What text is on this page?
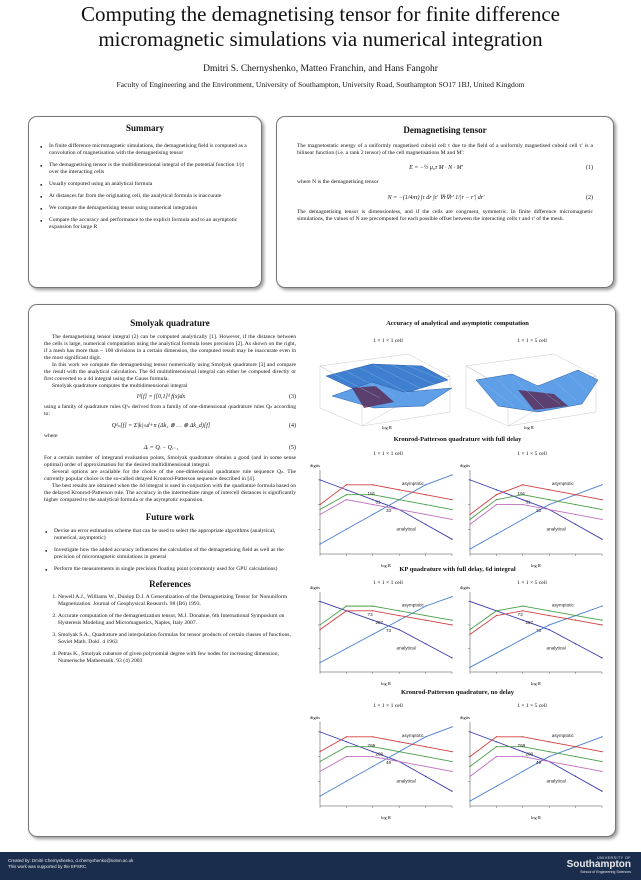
Computing the demagnetising tensor for finite difference
micromagnetic simulations via numerical integration
Dmitri S. Chernyshenko, Matteo Franchin, and Hans Fangohr
Faculty of Engineering and the Environment, University of Southampton, University Road, Southampton SO17 1BJ, United Kingdom
Summary
● In finite difference micromagnetic simulations, the demagnetising field is computed as a convolution of magnetisation with the demagnetising tensor
● The demagnetising tensor is the multidimensional integral of the potential function 1/|r| over the interacting cells
● Usually computed using an analytical formula
● At distances far from the originating cell, the analytical formula is inaccurate
● We compute the demagnetising tensor using numerical integration
● Compare the accuracy and performance to the explicit formula and to an asymptotic expansion for large R
Demagnetising tensor

The magnetostatic energy of a uniformly magnetised cuboid cell τ due to the field of a uniformly magnetised cuboid cell τ′ is a bilinear function (i.e. a rank 2 tensor) of the cell magnetisations M and M′:

E = −½ μ₀τ M · N · M′	(1)

where N is the demagnetising tensor

N = −(1/4πτ) ∫τ dr ∫τ′ ∇r∇r′ 1/|r − r′| dr′	(2)

The demagnetising tensor is dimensionless, and if the cells are congruent, symmetric. In finite difference micromagnetic simulations, the values of N are precomputed for each possible offset between the interacting cells τ and τ′ of the mesh.

Smolyak quadrature

The demagnetising tensor integral (2) can be computed analytically [1]. However, if the distance between the cells is large, numerical computation using the analytical formula loses precision [2]. As shown on the right, if a mesh has more than ~ 100 divisions in a certain dimension, the computed result may be inaccurate even in the most significant digit.

In this work we compute the demagnetising tensor numerically using Smolyak quadrature [3] and compare the result with the analytical calculation. The 6d multidimensional integral can either be computed directly or first converted to a 4d integral using the Gauss formula.

Smolyak quadrature computes the multidimensional integral

Iᵈ[f] = ∫[0,1]ᵈ f(x)dx	(3)

using a family of quadrature rules Qᵈₙ derived from a family of one-dimensional quadrature rules Qₙ according to:

Qᵈₙ[f] = Σ|k|≤d+n (Δk₁ ⊗ … ⊗ Δk_d)[f]	(4)

where

Δᵢ = Qᵢ − Qᵢ₋₁	(5)

For a certain number of integrand evaluation points, Smolyak quadrature obtains a good (and in some sense optimal) order of approximation for the desired multidimensional integral.

Several options are available for the choice of the one-dimensional quadrature rule sequence Qₙ. The currently popular choice is the so-called delayed Kronrod-Patterson sequence described in [4].

The best results are obtained when the 4d integral is used in conjuction with the quadrature formula based on the delayed Kronrod-Patterson rule. The accuracy in the intermediate range of intercell distances is significantly higher compared to the analytical formula or the asymptotic expansion.

Future work
● Devise an error estimation scheme that can be used to select the appropriate algorithms (analytical, numerical, asymptotic)
● Investigate how the added accuracy influences the calculation of the demagnetising field as well as the precision of micromagnetic simulations in general
● Perform the measurements in single precision floating point (commonly used for GPU calculations)
References
1. Newell A.J., Williams W., Dunlop D.J. A Generalization of the Demagnetizing Tensor for Nonuniform Magnetization. Journal of Geophysical Research. 98 (B6) 1993.
2. Accurate computation of the demagnetization tensor, M.J. Donahue, 6th International Symposium on Hysteresis Modeling and Micromagnetics, Naples, Italy 2007.
3. Smolyak S.A., Quadrature and interpolation formulas for tensor products of certain classes of functions, Soviet Math. Dokl. 4 1963
4. Petras K., Smolyak cubature of given polynomial degree with few nodes for increasing dimension, Numerische Mathematik. 93 (4) 2003
Accuracy of analytical and asymptotic computation
1 × 1 × 1 cell	1 × 1 × 5 cell
log R	log R
Kronrod-Patterson quadrature with full delay
1 × 1 × 1 cell	1 × 1 × 5 cell
digits
log R
191
51
33
asymptotic
analytical
digits
log R
191
51
33
asymptotic
analytical
KP quadrature with full delay, 6d integral
1 × 1 × 1 cell	1 × 1 × 5 cell
digits
log R
73
287
73
asymptotic
analytical
digits
log R
73
287
73
asymptotic
analytical
Kronrod-Patterson quadrature, no delay
1 × 1 × 1 cell	1 × 1 × 5 cell
digits
log R
769
209
49
asymptotic
analytical
digits
log R
769
209
49
asymptotic
analytical
Created by: Dmitri Chernyshenko, d.chernyshenko@soton.ac.uk
This work was supported by the EPSRC.
UNIVERSITY OF
Southampton
School of Engineering Sciences
